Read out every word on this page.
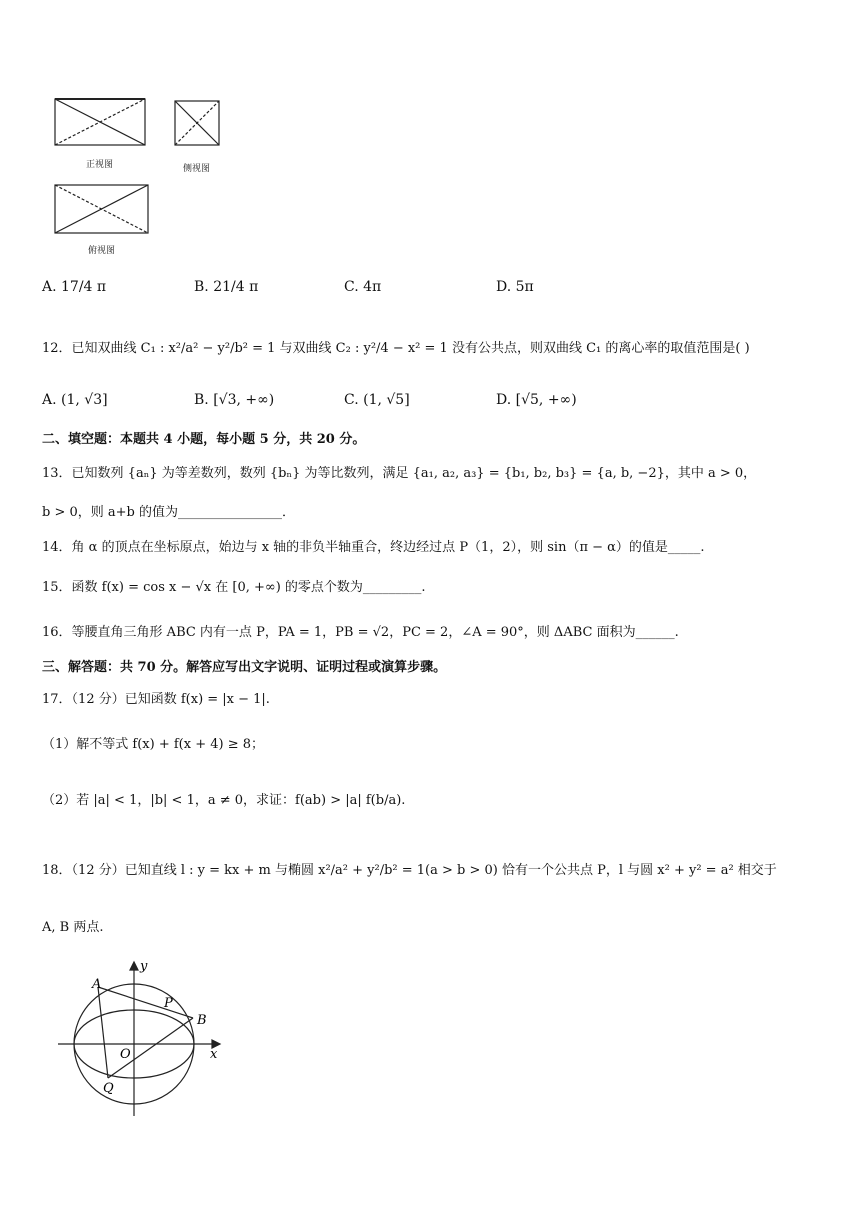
正视图	侧视图
俯视图
A. 17/4 π	B. 21/4 π	C. 4π	D. 5π
12．已知双曲线 C₁ : x²/a² − y²/b² = 1 与双曲线 C₂ : y²/4 − x² = 1 没有公共点，则双曲线 C₁ 的离心率的取值范围是( )
A. (1, √3]	B. [√3, +∞)	C. (1, √5]	D. [√5, +∞)
二、填空题：本题共 4 小题，每小题 5 分，共 20 分。
13．已知数列 {aₙ} 为等差数列，数列 {bₙ} 为等比数列，满足 {a₁, a₂, a₃} = {b₁, b₂, b₃} = {a, b, −2}，其中 a > 0，
b > 0，则 a+b 的值为________________．
14．角 α 的顶点在坐标原点，始边与 x 轴的非负半轴重合，终边经过点 P（1，2），则 sin（π − α）的值是_____.
15．函数 f(x) = cos x − √x 在 [0, +∞) 的零点个数为_________.
16．等腰直角三角形 ABC 内有一点 P，PA = 1，PB = √2，PC = 2，∠A = 90°，则 ΔABC 面积为______.
三、解答题：共 70 分。解答应写出文字说明、证明过程或演算步骤。
17．（12 分）已知函数 f(x) = |x − 1|.
（1）解不等式 f(x) + f(x + 4) ≥ 8；
（2）若 |a| < 1，|b| < 1，a ≠ 0，求证：f(ab) > |a| f(b/a).
18．（12 分）已知直线 l : y = kx + m 与椭圆 x²/a² + y²/b² = 1(a > b > 0) 恰有一个公共点 P，l 与圆 x² + y² = a² 相交于
A, B 两点.
A
P
B
O
Q
x
y
